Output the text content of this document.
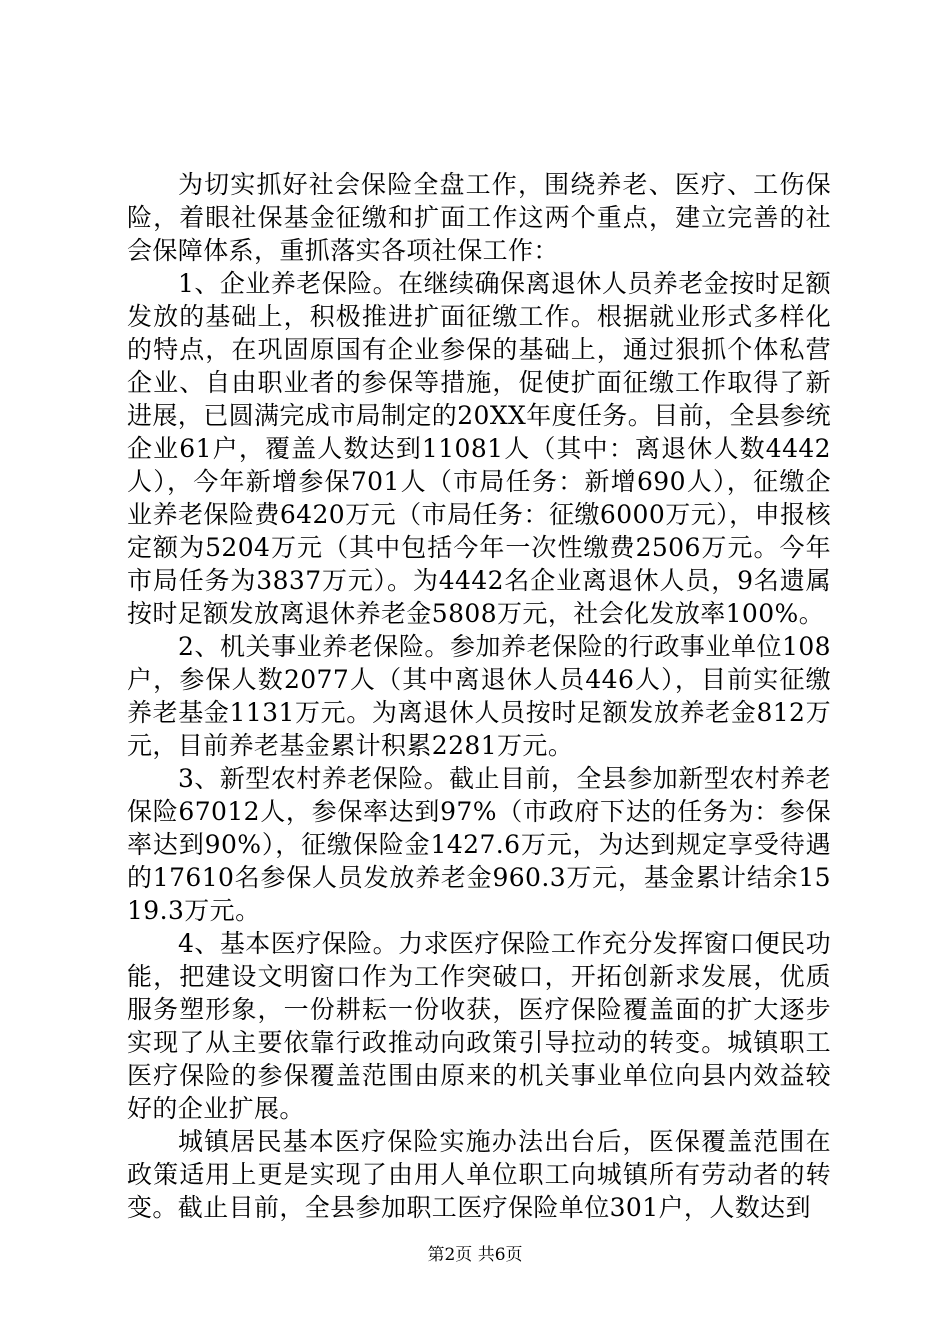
为切实抓好社会保险全盘工作，围绕养老、医疗、工伤保险，着眼社保基金征缴和扩面工作这两个重点，建立完善的社会保障体系，重抓落实各项社保工作：

1、企业养老保险。在继续确保离退休人员养老金按时足额发放的基础上，积极推进扩面征缴工作。根据就业形式多样化的特点，在巩固原国有企业参保的基础上，通过狠抓个体私营企业、自由职业者的参保等措施，促使扩面征缴工作取得了新进展，已圆满完成市局制定的20XX年度任务。目前，全县参统企业61户，覆盖人数达到11081人（其中：离退休人数4442人），今年新增参保701人（市局任务：新增690人），征缴企业养老保险费6420万元（市局任务：征缴6000万元），申报核定额为5204万元（其中包括今年一次性缴费2506万元。今年市局任务为3837万元）。为4442名企业离退休人员，9名遗属按时足额发放离退休养老金5808万元，社会化发放率100%。

2、机关事业养老保险。参加养老保险的行政事业单位108户，参保人数2077人（其中离退休人员446人），目前实征缴养老基金1131万元。为离退休人员按时足额发放养老金812万元，目前养老基金累计积累2281万元。

3、新型农村养老保险。截止目前，全县参加新型农村养老保险67012人，参保率达到97%（市政府下达的任务为：参保率达到90%），征缴保险金1427.6万元，为达到规定享受待遇的17610名参保人员发放养老金960.3万元，基金累计结余1519.3万元。

4、基本医疗保险。力求医疗保险工作充分发挥窗口便民功能，把建设文明窗口作为工作突破口，开拓创新求发展，优质服务塑形象，一份耕耘一份收获，医疗保险覆盖面的扩大逐步实现了从主要依靠行政推动向政策引导拉动的转变。城镇职工医疗保险的参保覆盖范围由原来的机关事业单位向县内效益较好的企业扩展。

城镇居民基本医疗保险实施办法出台后，医保覆盖范围在政策适用上更是实现了由用人单位职工向城镇所有劳动者的转变。截止目前，全县参加职工医疗保险单位301户，人数达到

第2页 共6页
